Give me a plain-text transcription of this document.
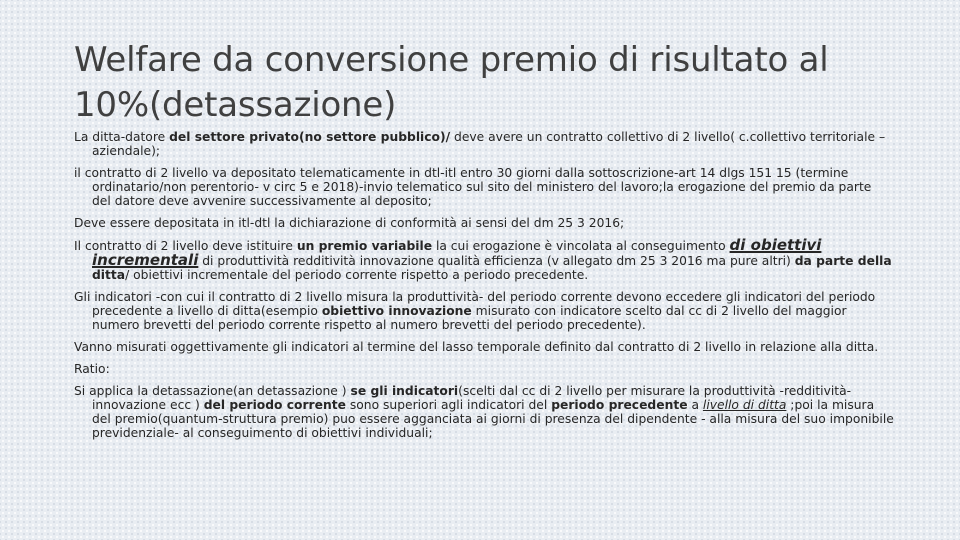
Welfare da conversione premio di risultato al 10%(detassazione)

La ditta-datore del settore privato(no settore pubblico)/ deve avere un contratto collettivo di 2 livello( c.collettivo territoriale –aziendale);

il contratto di 2 livello va depositato telematicamente in dtl-itl entro 30 giorni dalla sottoscrizione-art 14 dlgs 151 15 (termine ordinatario/non perentorio- v circ 5 e 2018)-invio telematico sul sito del ministero del lavoro;la erogazione del premio da parte del datore deve avvenire successivamente al deposito;

Deve essere depositata in itl-dtl la dichiarazione di conformità ai sensi del dm 25 3 2016;

Il contratto di 2 livello deve istituire un premio variabile la cui erogazione è vincolata al conseguimento di obiettivi incrementali di produttività redditività innovazione qualità efficienza (v allegato dm 25 3 2016 ma pure altri) da parte della ditta/ obiettivi incrementale del periodo corrente rispetto a periodo precedente.

Gli indicatori -con cui il contratto di 2 livello misura la produttività- del periodo corrente devono eccedere gli indicatori del periodo precedente a livello di ditta(esempio obiettivo innovazione misurato con indicatore scelto dal cc di 2 livello del maggior numero brevetti del periodo corrente rispetto al numero brevetti del periodo precedente).

Vanno misurati oggettivamente gli indicatori al termine del lasso temporale definito dal contratto di 2 livello in relazione alla ditta.

Ratio:

Si applica la detassazione(an detassazione ) se gli indicatori(scelti dal cc di 2 livello per misurare la produttività -redditività- innovazione ecc ) del periodo corrente sono superiori agli indicatori del periodo precedente a livello di ditta ;poi la misura del premio(quantum-struttura premio) puo essere agganciata ai giorni di presenza del dipendente - alla misura del suo imponibile previdenziale- al conseguimento di obiettivi individuali;
